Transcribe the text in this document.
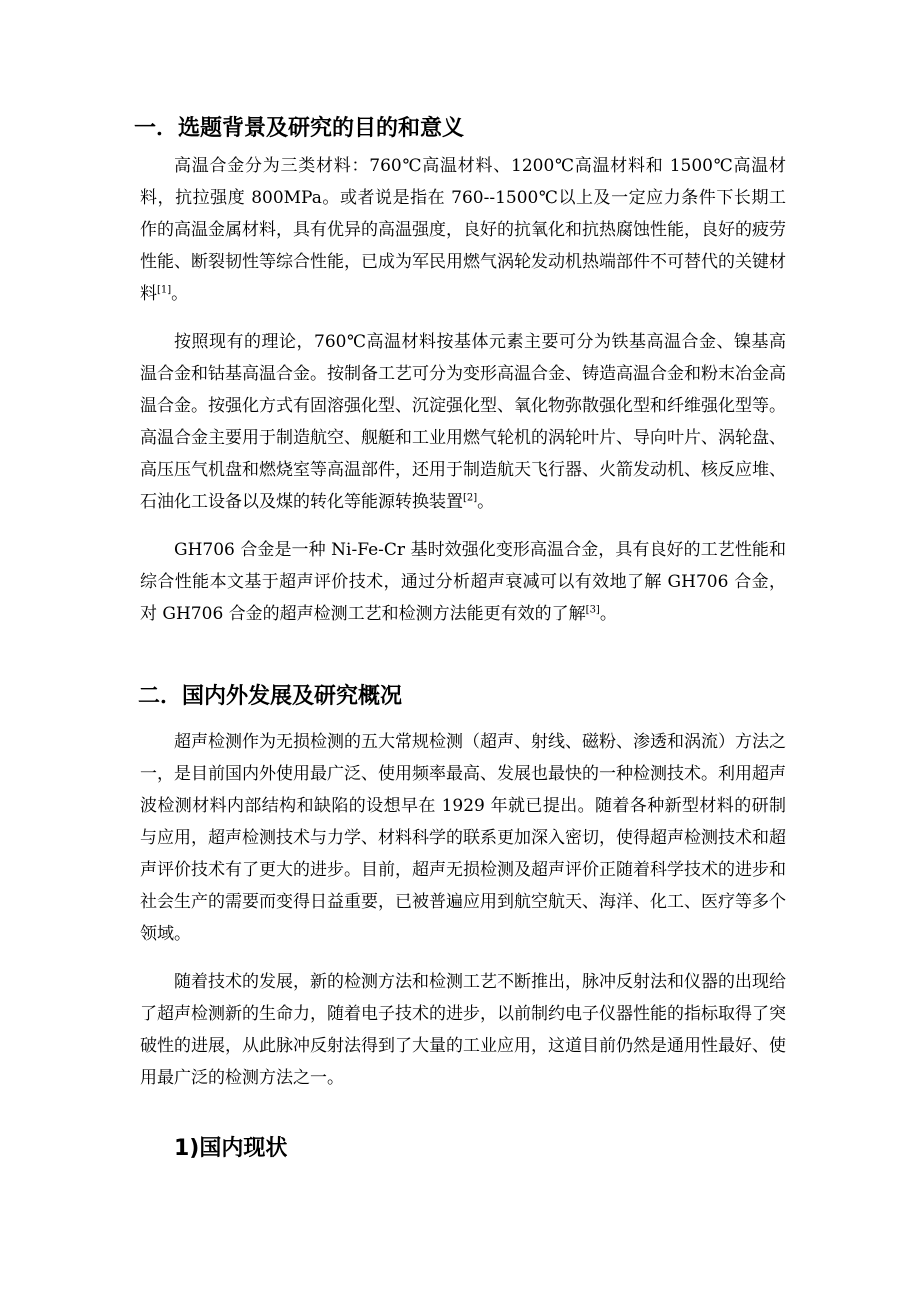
一．选题背景及研究的目的和意义

高温合金分为三类材料：760℃高温材料、1200℃高温材料和 1500℃高温材料，抗拉强度 800MPa。或者说是指在 760--1500℃以上及一定应力条件下长期工作的高温金属材料，具有优异的高温强度，良好的抗氧化和抗热腐蚀性能，良好的疲劳性能、断裂韧性等综合性能，已成为军民用燃气涡轮发动机热端部件不可替代的关键材料[1]。

按照现有的理论，760℃高温材料按基体元素主要可分为铁基高温合金、镍基高温合金和钴基高温合金。按制备工艺可分为变形高温合金、铸造高温合金和粉末冶金高温合金。按强化方式有固溶强化型、沉淀强化型、氧化物弥散强化型和纤维强化型等。高温合金主要用于制造航空、舰艇和工业用燃气轮机的涡轮叶片、导向叶片、涡轮盘、高压压气机盘和燃烧室等高温部件，还用于制造航天飞行器、火箭发动机、核反应堆、石油化工设备以及煤的转化等能源转换装置[2]。

GH706 合金是一种 Ni-Fe-Cr 基时效强化变形高温合金，具有良好的工艺性能和综合性能本文基于超声评价技术，通过分析超声衰减可以有效地了解 GH706 合金，对 GH706 合金的超声检测工艺和检测方法能更有效的了解[3]。

二．国内外发展及研究概况

超声检测作为无损检测的五大常规检测（超声、射线、磁粉、渗透和涡流）方法之一，是目前国内外使用最广泛、使用频率最高、发展也最快的一种检测技术。利用超声波检测材料内部结构和缺陷的设想早在 1929 年就已提出。随着各种新型材料的研制与应用，超声检测技术与力学、材料科学的联系更加深入密切，使得超声检测技术和超声评价技术有了更大的进步。目前，超声无损检测及超声评价正随着科学技术的进步和社会生产的需要而变得日益重要，已被普遍应用到航空航天、海洋、化工、医疗等多个领域。

随着技术的发展，新的检测方法和检测工艺不断推出，脉冲反射法和仪器的出现给了超声检测新的生命力，随着电子技术的进步，以前制约电子仪器性能的指标取得了突破性的进展，从此脉冲反射法得到了大量的工业应用，这道目前仍然是通用性最好、使用最广泛的检测方法之一。

1)国内现状
